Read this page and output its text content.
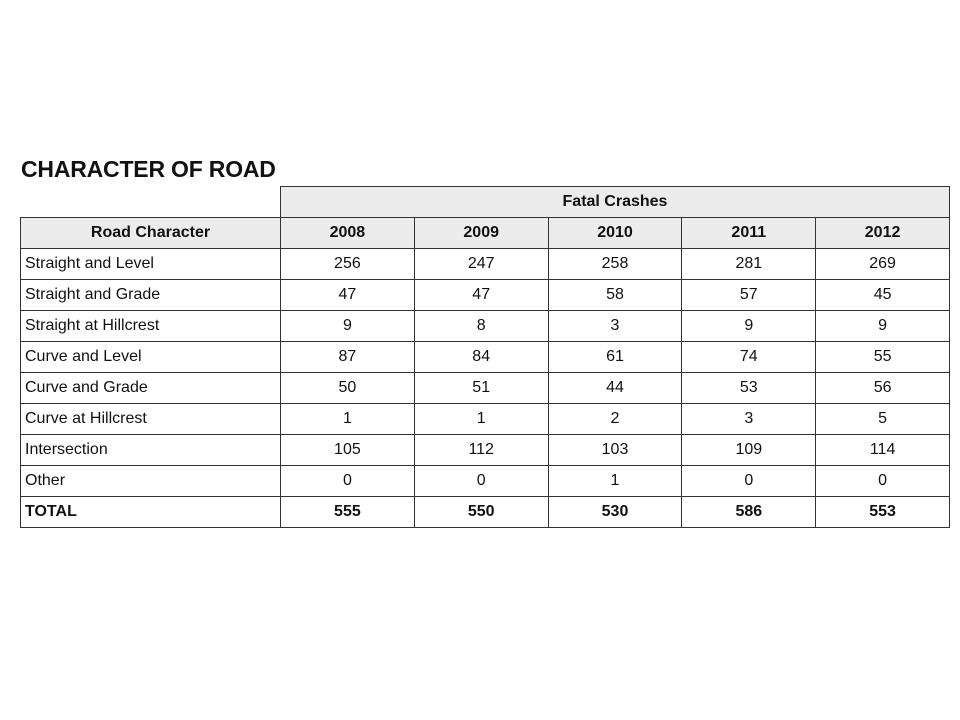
CHARACTER OF ROAD
	Fatal Crashes				
Road Character	2008	2009	2010	2011	2012
Straight and Level	256	247	258	281	269
Straight and Grade	47	47	58	57	45
Straight at Hillcrest	9	8	3	9	9
Curve and Level	87	84	61	74	55
Curve and Grade	50	51	44	53	56
Curve at Hillcrest	1	1	2	3	5
Intersection	105	112	103	109	114
Other	0	0	1	0	0
TOTAL	555	550	530	586	553
